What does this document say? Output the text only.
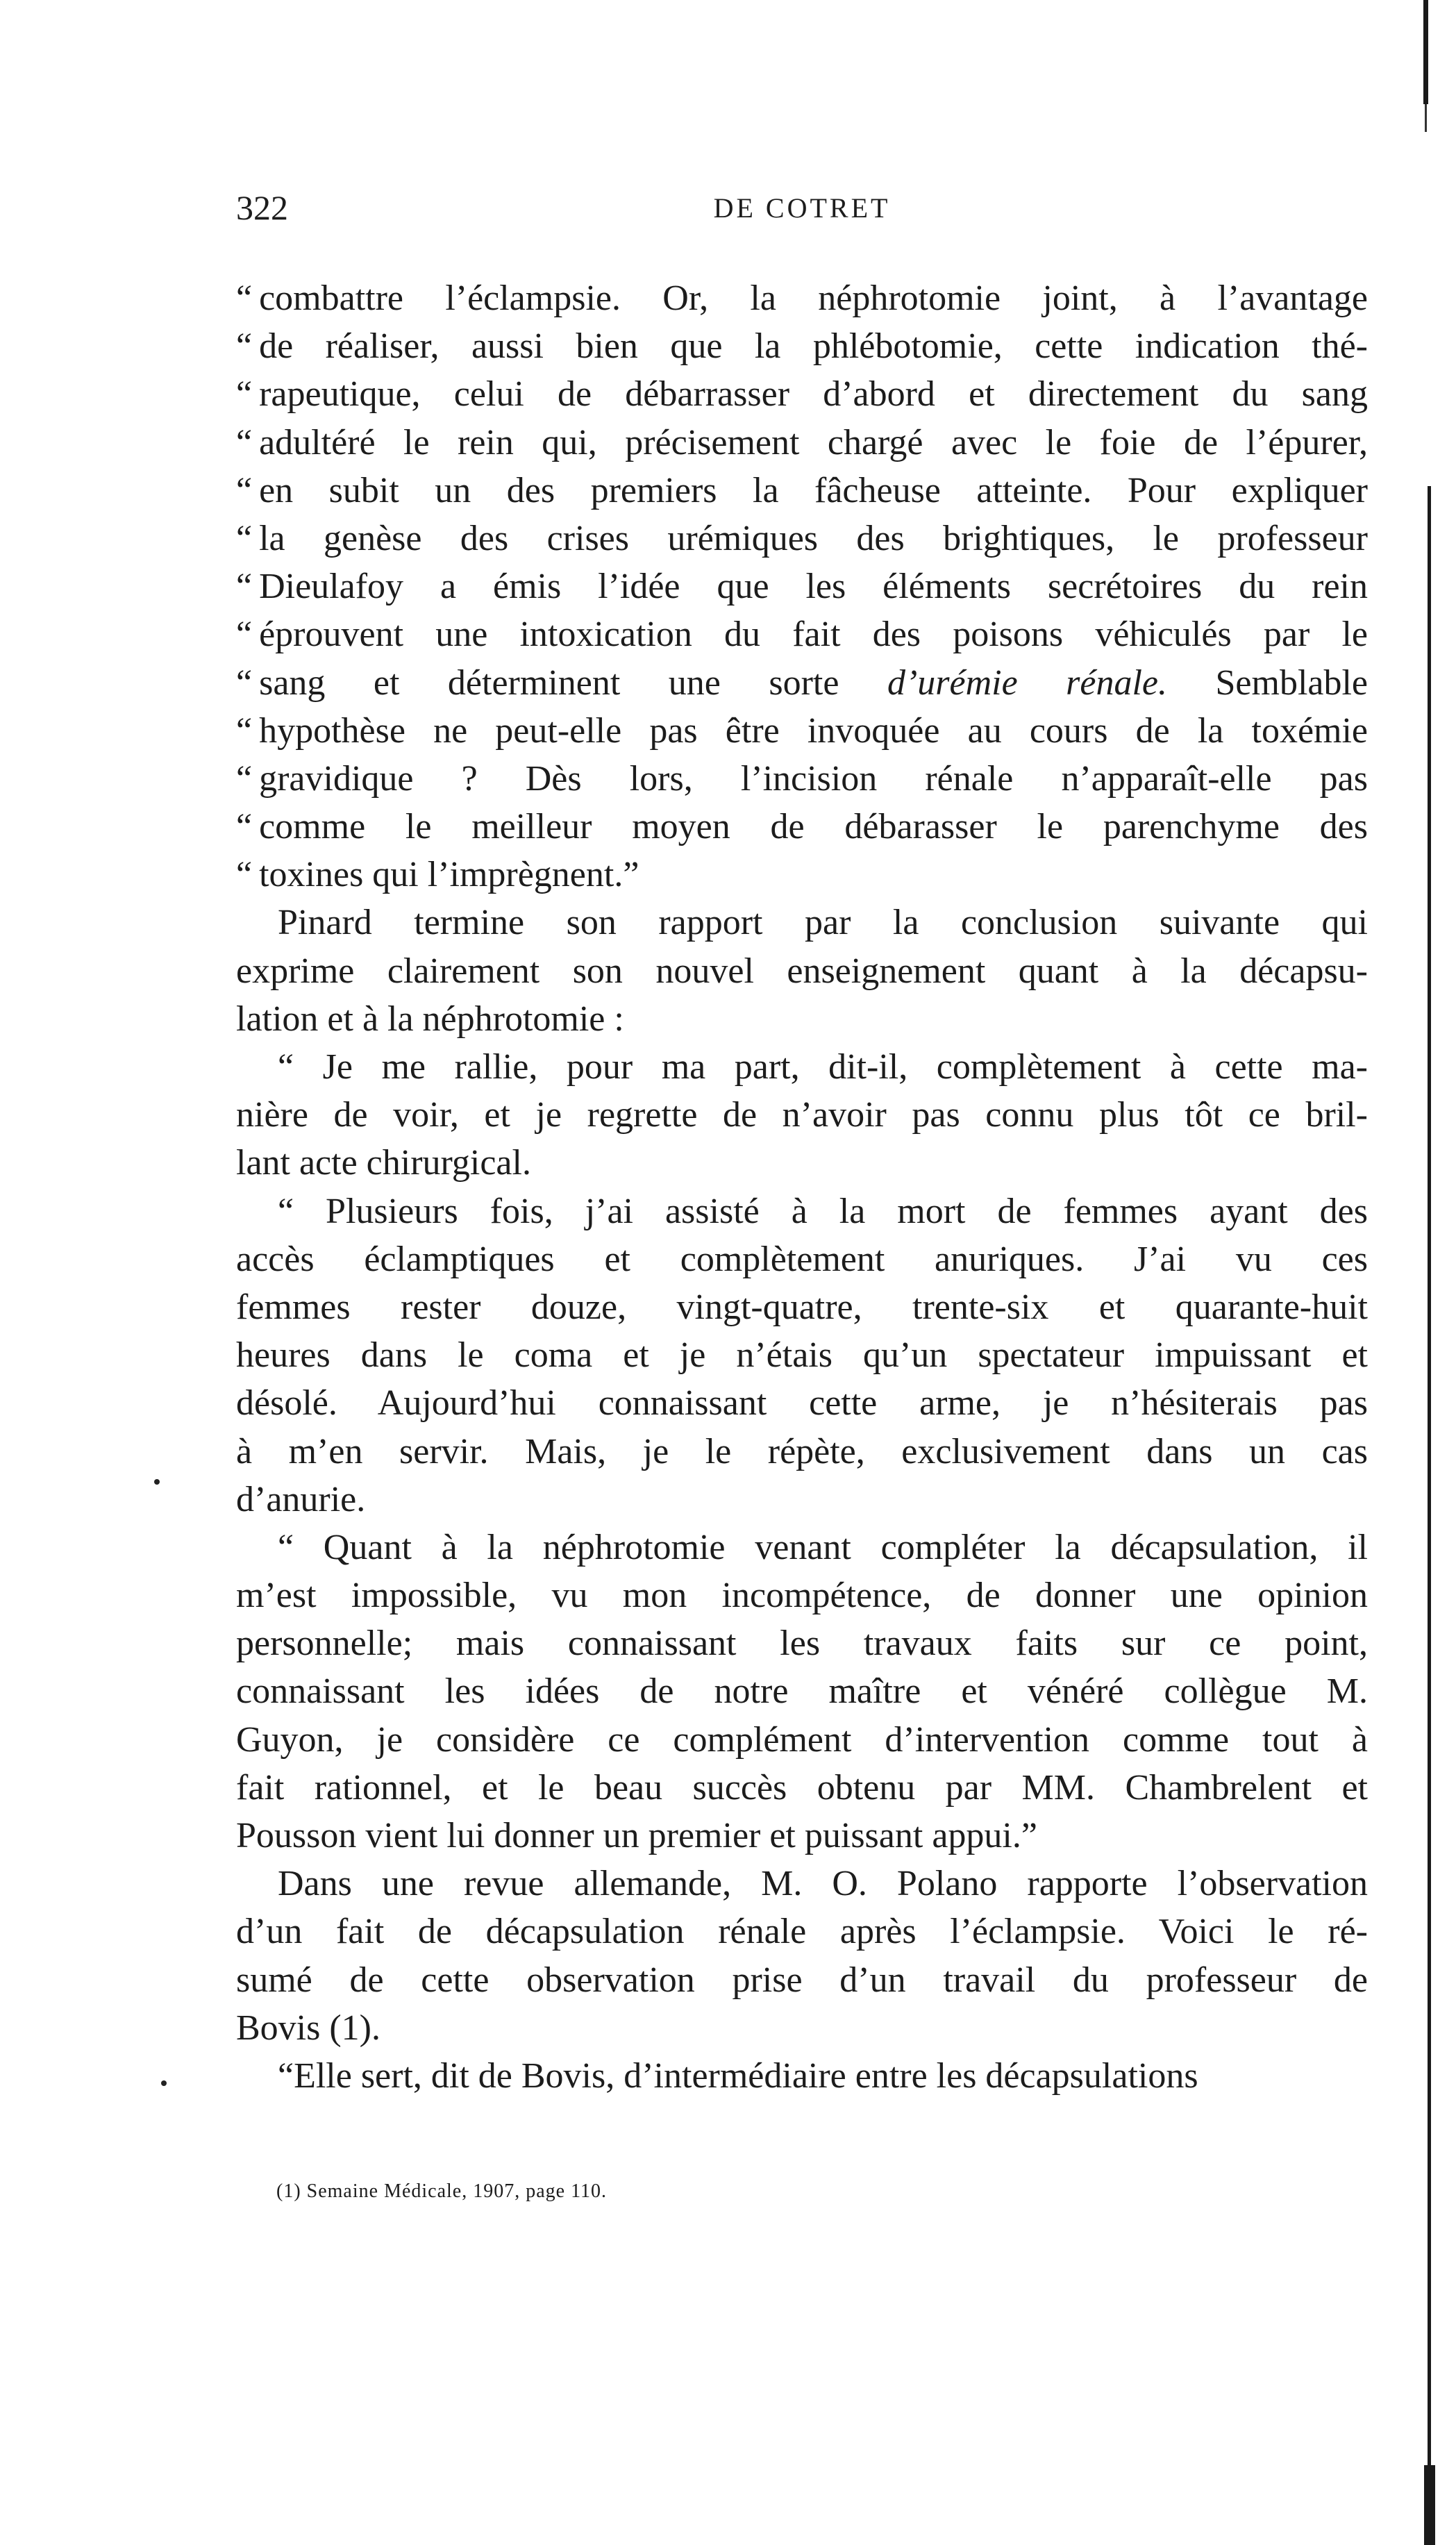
322	DE COTRET
“ combattre l’éclampsie. Or, la néphrotomie joint, à l’avantage
“ de réaliser, aussi bien que la phlébotomie, cette indication thé-
“ rapeutique, celui de débarrasser d’abord et directement du sang
“ adultéré le rein qui, précisement chargé avec le foie de l’épurer,
“ en subit un des premiers la fâcheuse atteinte. Pour expliquer
“ la genèse des crises urémiques des brightiques, le professeur
“ Dieulafoy a émis l’idée que les éléments secrétoires du rein
“ éprouvent une intoxication du fait des poisons véhiculés par le
“ sang et déterminent une sorte d’urémie rénale. Semblable
“ hypothèse ne peut-elle pas être invoquée au cours de la toxémie
“ gravidique ? Dès lors, l’incision rénale n’apparaît-elle pas
“ comme le meilleur moyen de débarasser le parenchyme des
“ toxines qui l’imprègnent.”
Pinard termine son rapport par la conclusion suivante qui
exprime clairement son nouvel enseignement quant à la décapsu-
lation et à la néphrotomie :
“ Je me rallie, pour ma part, dit-il, complètement à cette ma-
nière de voir, et je regrette de n’avoir pas connu plus tôt ce bril-
lant acte chirurgical.
“ Plusieurs fois, j’ai assisté à la mort de femmes ayant des
accès éclamptiques et complètement anuriques. J’ai vu ces
femmes rester douze, vingt-quatre, trente-six et quarante-huit
heures dans le coma et je n’étais qu’un spectateur impuissant et
désolé. Aujourd’hui connaissant cette arme, je n’hésiterais pas
à m’en servir. Mais, je le répète, exclusivement dans un cas
d’anurie.
“ Quant à la néphrotomie venant compléter la décapsulation, il
m’est impossible, vu mon incompétence, de donner une opinion
personnelle; mais connaissant les travaux faits sur ce point,
connaissant les idées de notre maître et vénéré collègue M.
Guyon, je considère ce complément d’intervention comme tout à
fait rationnel, et le beau succès obtenu par MM. Chambrelent et
Pousson vient lui donner un premier et puissant appui.”
Dans une revue allemande, M. O. Polano rapporte l’observation
d’un fait de décapsulation rénale après l’éclampsie. Voici le ré-
sumé de cette observation prise d’un travail du professeur de
Bovis (1).
“Elle sert, dit de Bovis, d’intermédiaire entre les décapsulations
(1) Semaine Médicale, 1907, page 110.
